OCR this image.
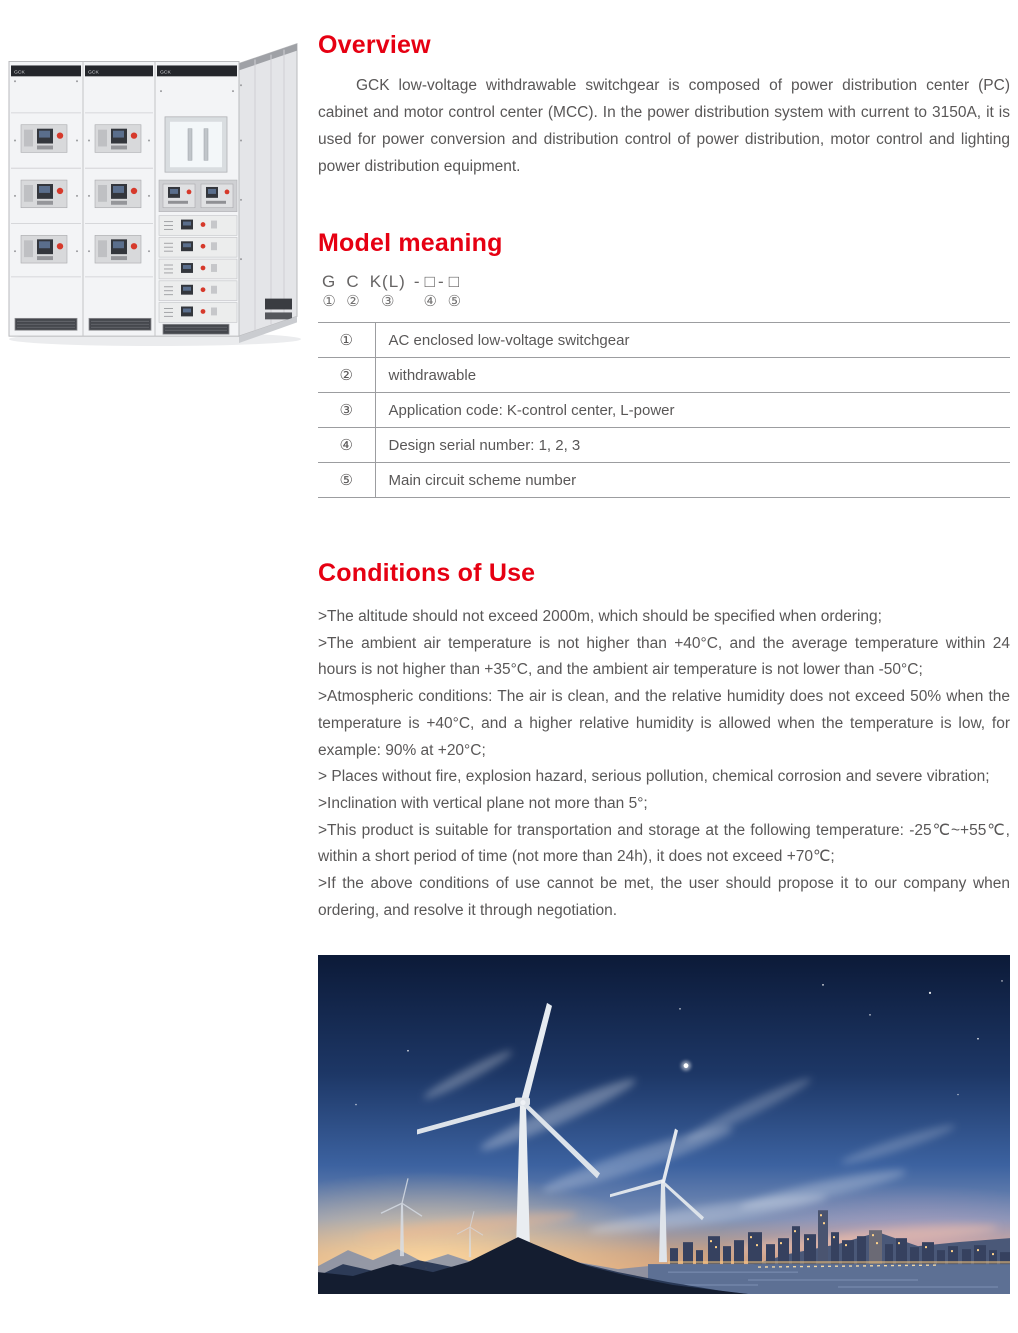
GCK	GCK	GCK
Overview

GCK low-voltage withdrawable switchgear is composed of power distribution center (PC) cabinet and motor control center (MCC). In the power distribution system with current to 3150A, it is used for power conversion and distribution control of power distribution, motor control and lighting power distribution equipment.

Model meaning
G
①
C
②
K(L)
③
- □
④
- □
⑤
①	AC enclosed low-voltage switchgear
②	withdrawable
③	Application code: K-control center, L-power
④	Design serial number: 1, 2, 3
⑤	Main circuit scheme number
Conditions of Use

>The altitude should not exceed 2000m, which should be specified when ordering;

>The ambient air temperature is not higher than +40°C, and the average temperature within 24 hours is not higher than +35°C, and the ambient air temperature is not lower than -50°C;

>Atmospheric conditions: The air is clean, and the relative humidity does not exceed 50% when the temperature is +40°C, and a higher relative humidity is allowed when the temperature is low, for example: 90% at +20°C;

> Places without fire, explosion hazard, serious pollution, chemical corrosion and severe vibration;

>Inclination with vertical plane not more than 5°;

>This product is suitable for transportation and storage at the following temperature: -25℃~+55℃, within a short period of time (not more than 24h), it does not exceed +70℃;

>If the above conditions of use cannot be met, the user should propose it to our company when ordering, and resolve it through negotiation.
